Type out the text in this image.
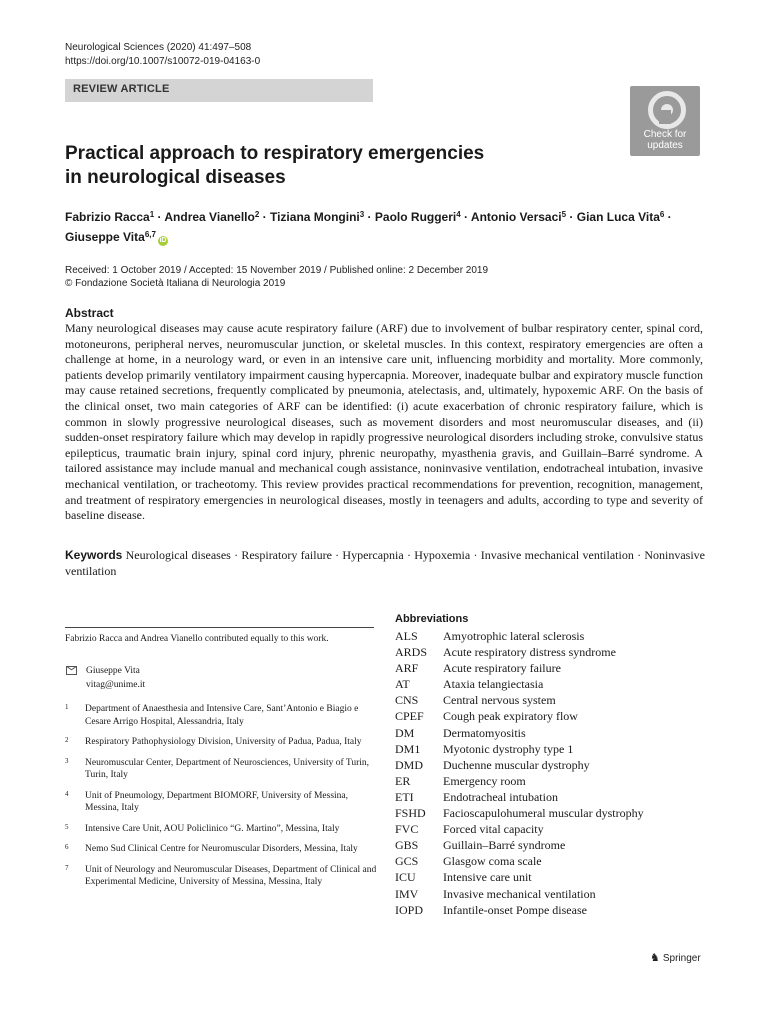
Neurological Sciences (2020) 41:497–508
https://doi.org/10.1007/s10072-019-04163-0
REVIEW ARTICLE
Check for
updates
Practical approach to respiratory emergencies
in neurological diseases
Fabrizio Racca$^1$ · Andrea Vianello$^2$ · Tiziana Mongini$^3$ · Paolo Ruggeri$^4$ · Antonio Versaci$^5$ · Gian Luca Vita$^6$ ·
Giuseppe Vita$^{6,7}$iD
Received: 1 October 2019 / Accepted: 15 November 2019 / Published online: 2 December 2019
© Fondazione Società Italiana di Neurologia 2019
Abstract
Many neurological diseases may cause acute respiratory failure (ARF) due to involvement of bulbar respiratory center, spinal cord, motoneurons, peripheral nerves, neuromuscular junction, or skeletal muscles. In this context, respiratory emergencies are often a challenge at home, in a neurology ward, or even in an intensive care unit, influencing morbidity and mortality. More commonly, patients develop primarily ventilatory impairment causing hypercapnia. Moreover, inadequate bulbar and expiratory muscle function may cause retained secretions, frequently complicated by pneumonia, atelectasis, and, ultimately, hypoxemic ARF. On the basis of the clinical onset, two main categories of ARF can be identified: (i) acute exacerbation of chronic respiratory failure, which is common in slowly progressive neurological diseases, such as movement disorders and most neuromuscular diseases, and (ii) sudden-onset respiratory failure which may develop in rapidly progressive neurological disorders including stroke, convulsive status epilepticus, traumatic brain injury, spinal cord injury, phrenic neuropathy, myasthenia gravis, and Guillain–Barré syndrome. A tailored assistance may include manual and mechanical cough assistance, noninvasive ventilation, endotracheal intubation, invasive mechanical ventilation, or tracheotomy. This review provides practical recommendations for prevention, recognition, management, and treatment of respiratory emergencies in neurological diseases, mostly in teenagers and adults, according to type and severity of baseline disease.
Keywords Neurological diseases · Respiratory failure · Hypercapnia · Hypoxemia · Invasive mechanical ventilation · Noninvasive ventilation
Fabrizio Racca and Andrea Vianello contributed equally to this work.
Giuseppe Vita
vitag@unime.it
1 Department of Anaesthesia and Intensive Care, Sant’Antonio e Biagio e Cesare Arrigo Hospital, Alessandria, Italy
2 Respiratory Pathophysiology Division, University of Padua, Padua, Italy
3 Neuromuscular Center, Department of Neurosciences, University of Turin, Turin, Italy
4 Unit of Pneumology, Department BIOMORF, University of Messina, Messina, Italy
5 Intensive Care Unit, AOU Policlinico “G. Martino”, Messina, Italy
6 Nemo Sud Clinical Centre for Neuromuscular Disorders, Messina, Italy
7 Unit of Neurology and Neuromuscular Diseases, Department of Clinical and Experimental Medicine, University of Messina, Messina, Italy
Abbreviations
ALS Amyotrophic lateral sclerosis
ARDS Acute respiratory distress syndrome
ARF Acute respiratory failure
AT	Ataxia telangiectasia
CNS Central nervous system
CPEF Cough peak expiratory flow
DM Dermatomyositis
DM1 Myotonic dystrophy type 1
DMD Duchenne muscular dystrophy
ER	Emergency room
ETI Endotracheal intubation
FSHD Facioscapulohumeral muscular dystrophy
FVC Forced vital capacity
GBS Guillain–Barré syndrome
GCS Glasgow coma scale
ICU Intensive care unit
IMV Invasive mechanical ventilation
IOPD Infantile-onset Pompe disease
♞ Springer
